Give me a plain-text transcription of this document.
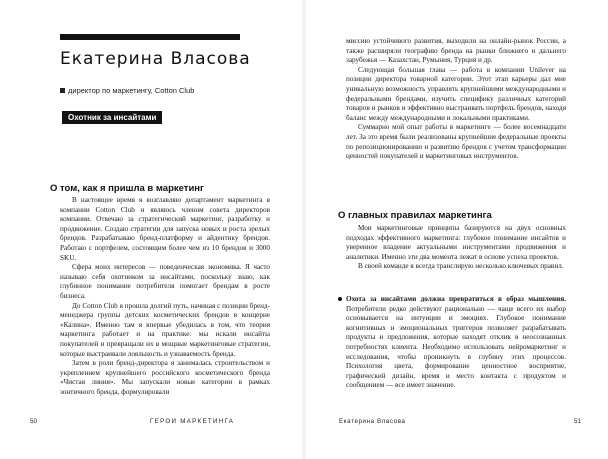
Екатерина Власова
директор по маркетингу, Cotton Club
Охотник за инсайтами
О том, как я пришла в маркетинг

В настоящее время я возглавляю департамент маркетинга в компании Cotton Club и являюсь членом совета директоров компании. Отвечаю за стратегический маркетинг, разработку и продвижение. Создаю стратегии для запуска новых и роста зрелых брендов. Разрабатываю бренд-платформу и айдентику брендов. Работаю с портфелем, состоящим более чем из 10 брендов и 3000 SKU.

Сфера моих интересов — поведенческая экономика. Я часто называю себя охотником за инсайтами, поскольку знаю, как глубинное понимание потребителя помогает брендам в росте бизнеса.

До Cotton Club я прошла долгий путь, начиная с позиции бренд-менеджера группы детских косметических брендов в концерне «Калина». Именно там я впервые убедилась в том, что теория маркетинга работает и на практике: мы искали инсайты покупателей и превращали их в мощные маркетинговые стратегии, которые выстраивали лояльность и узнаваемость бренда.

Затем в роли бренд-директора я занималась строительством и укреплением крупнейшего российского косметического бренда «Чистая линия». Мы запускали новые категории в рамках зонтичного бренда, формулировали

50	ГЕРОИ МАРКЕТИНГА

миссию устойчивого развития, выходили на онлайн-рынок России, а также расширяли географию бренда на рынки ближнего и дальнего зарубежья — Казахстан, Румыния, Турция и др.

Следующая большая глава — работа в компании Unilever на позиции директора товарной категории. Этот этап карьеры дал мне уникальную возможность управлять крупнейшими международными и федеральными брендами, изучить специфику различных категорий товаров и рынков и эффективно выстраивать портфель брендов, находя баланс между международными и локальными практиками.

Суммарно мой опыт работы в маркетинге — более восемнадцати лет. За это время были реализованы крупнейшие федеральные проекты по репозиционированию и развитию брендов с учетом трансформации ценностей покупателей и маркетинговых инструментов.

О главных правилах маркетинга

Мои маркетинговые принципы базируются на двух основных подходах эффективного маркетинга: глубокое понимание инсайтов и уверенное владение актуальными инструментами продвижения и аналитики. Именно эти два момента лежат в основе успеха проектов.

В своей команде я всегда транслирую несколько ключевых правил.

Охота за инсайтами должна превратиться в образ мышления. Потребители редко действуют рационально — чаще всего их выбор основывается на интуиции и эмоциях. Глубокое понимание когнитивных и эмоциональных триггеров позволяет разрабатывать продукты и предложения, которые находят отклик в неосознанных потребностях клиента. Необходимо использовать нейромаркетинг и исследования, чтобы проникнуть в глубину этих процессов. Психология цвета, формирование ценностное восприятие, графический дизайн, время и место контакта с продуктом и сообщением — все имеет значение.

Екатерина Власова	51
